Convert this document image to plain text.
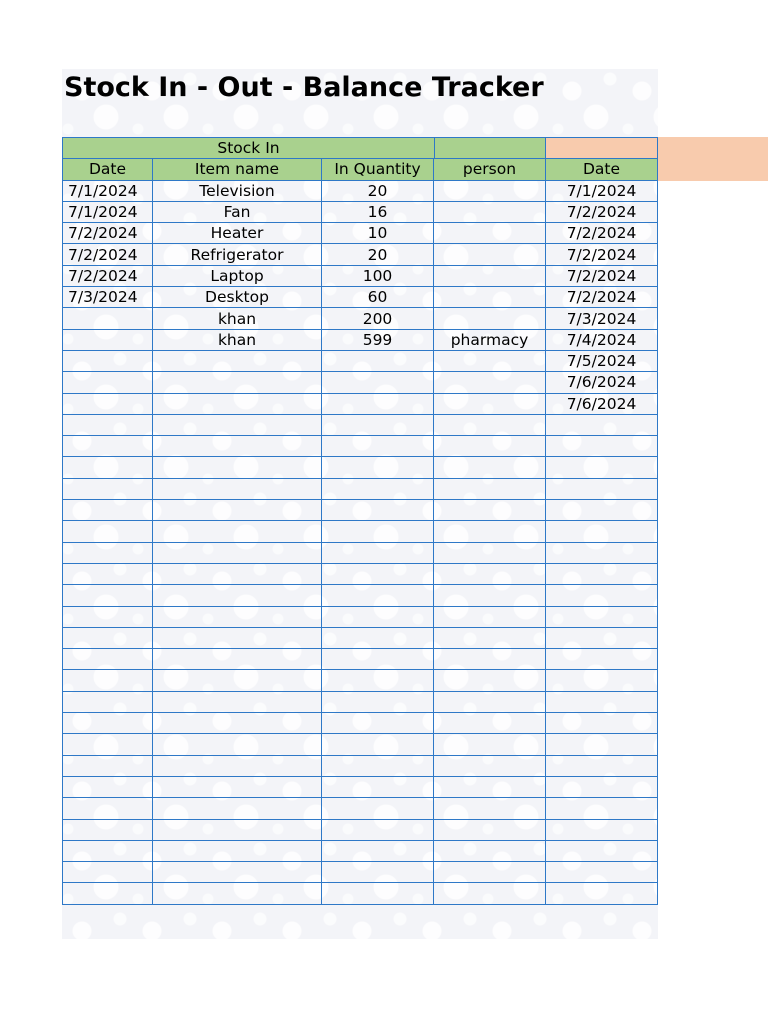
Stock In - Out - Balance Tracker
Stock In				

Date	Item name	In Quantity	person	Date
7/1/2024	Television	20		7/1/2024
7/1/2024	Fan	16		7/2/2024
7/2/2024	Heater	10		7/2/2024
7/2/2024	Refrigerator	20		7/2/2024
7/2/2024	Laptop	100		7/2/2024
7/3/2024	Desktop	60		7/2/2024
	khan	200		7/3/2024
	khan	599	pharmacy	7/4/2024
				7/5/2024
				7/6/2024
				7/6/2024
